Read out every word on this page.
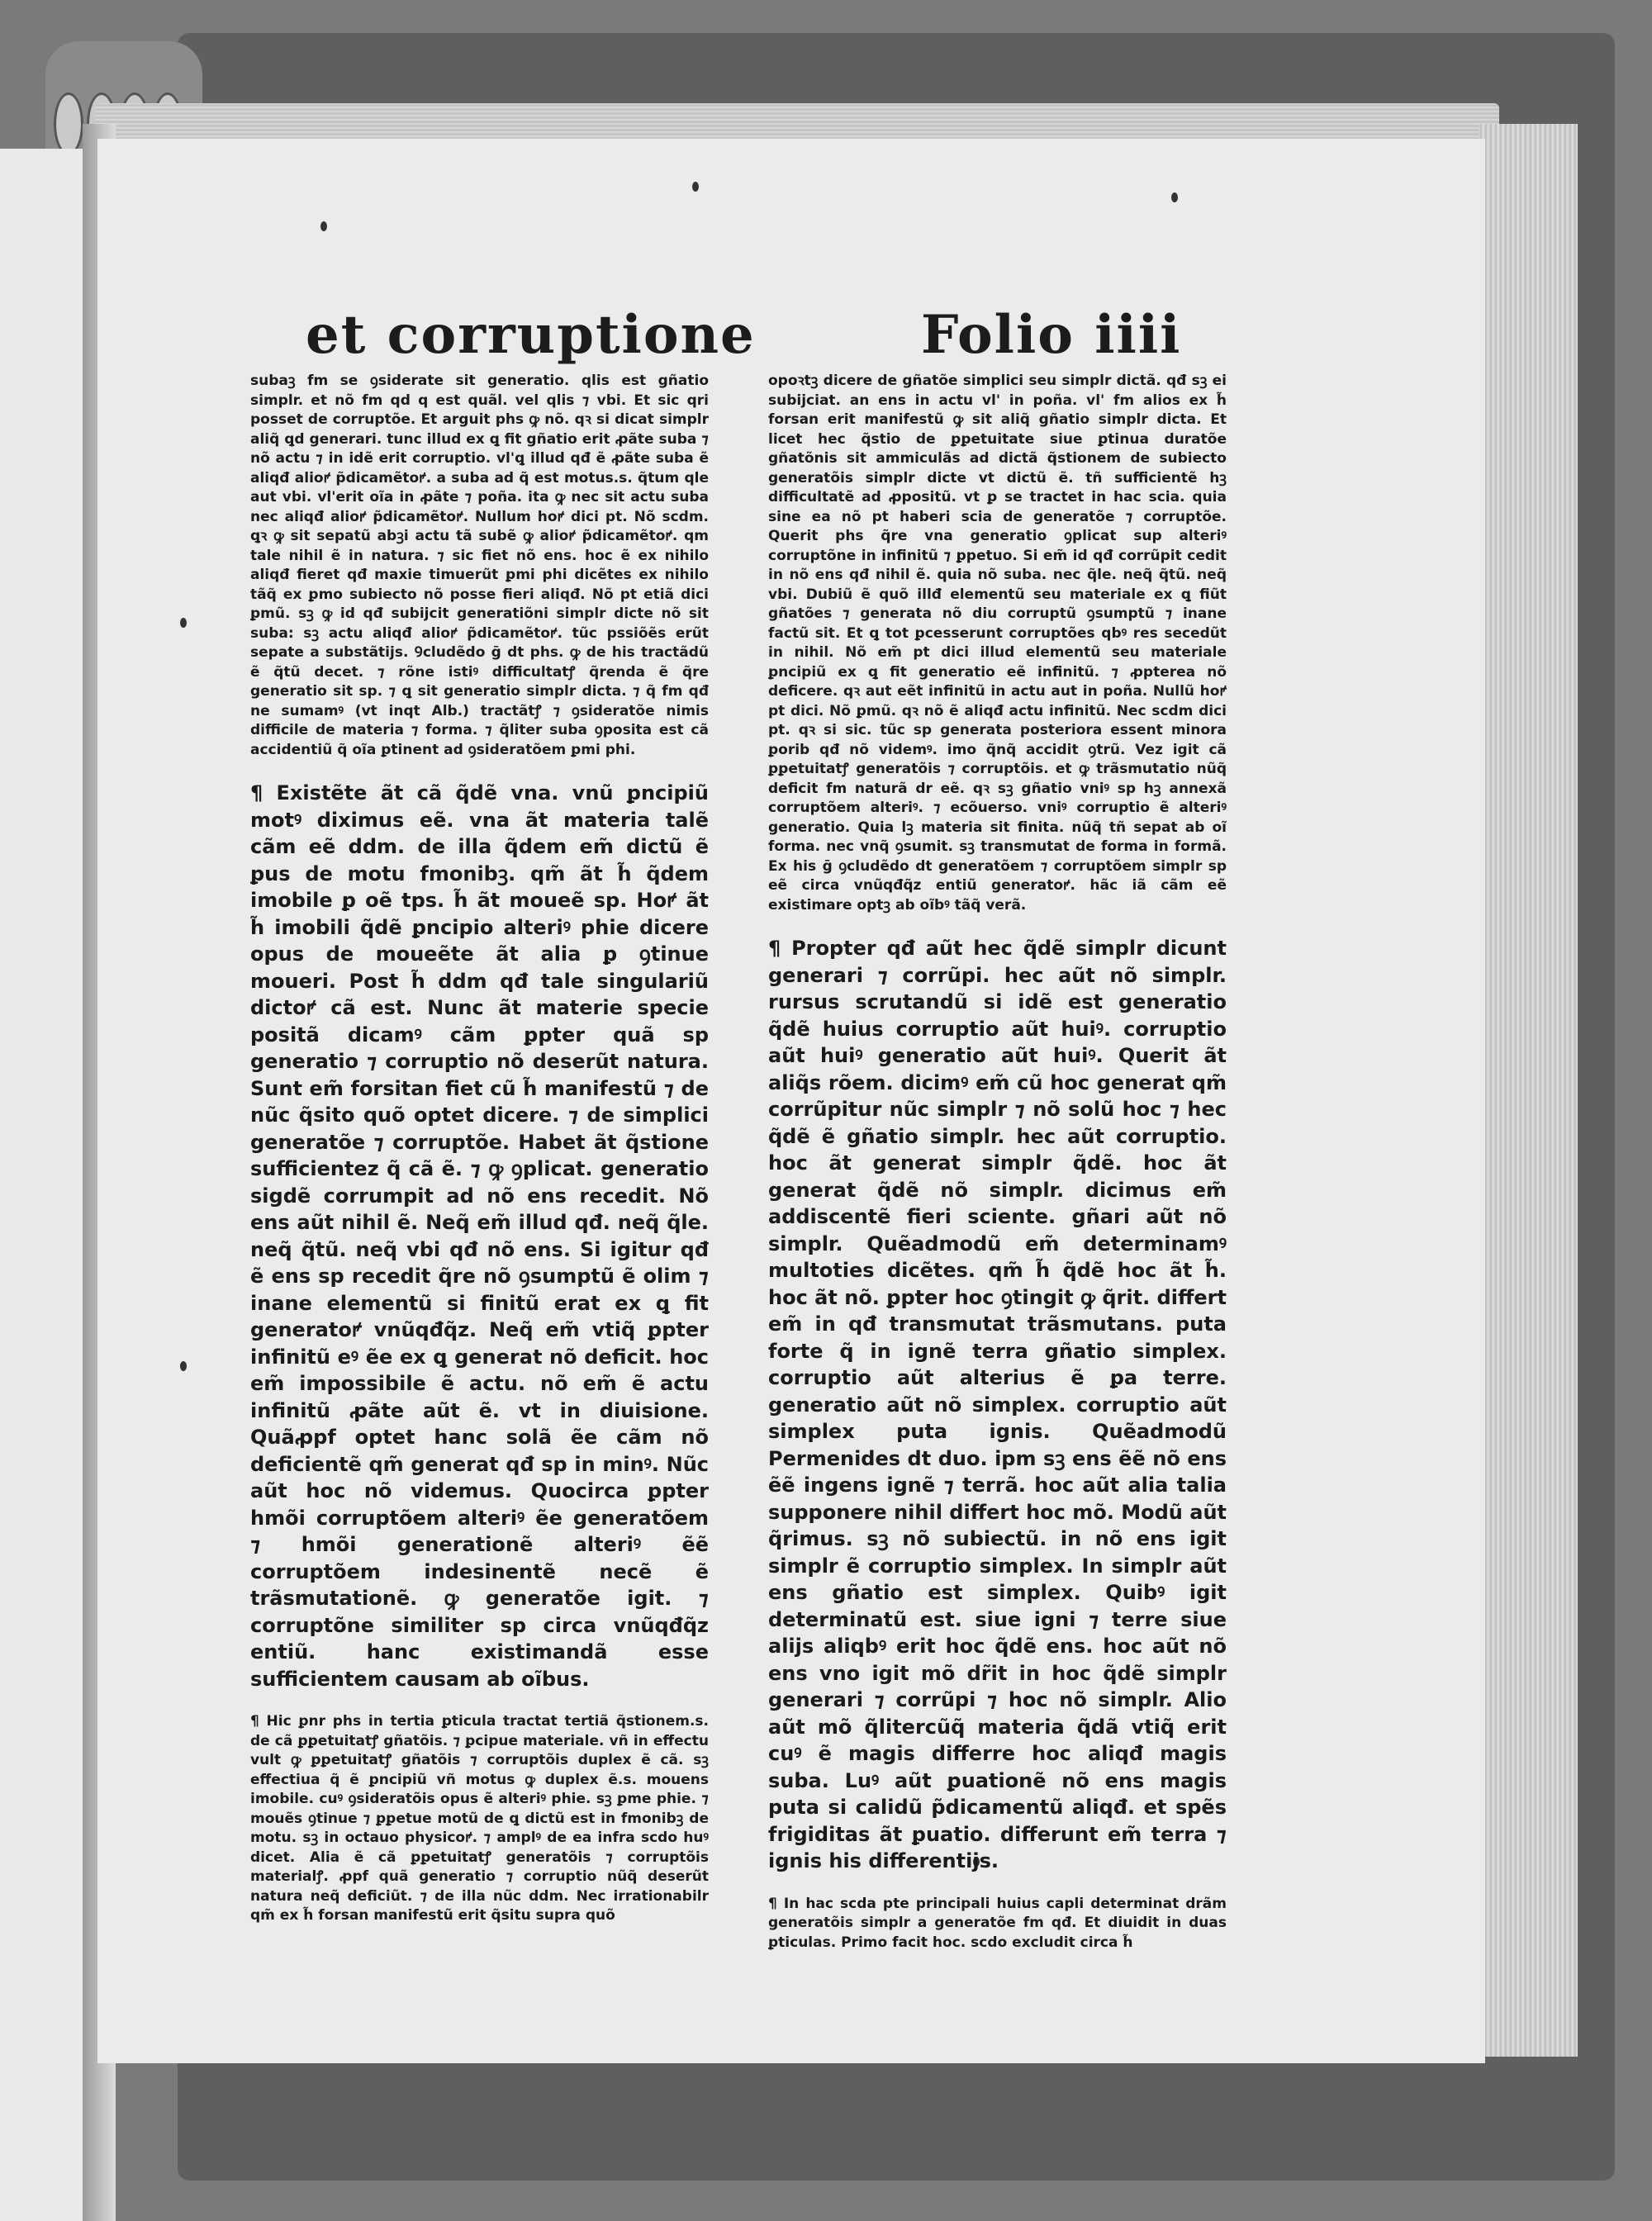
et corruptione	Folio iiii

subaꝫ fm se ꝯsiderate sit generatio. qlis est gñatio simplr. et nõ fm qd q est quãl. vel qlis ⁊ vbi. Et sic qri posset de corruptõe. Et arguit phs ꝙ nõ. qꝛ si dicat simplr aliq̃ ꝗd generari. tunc illud ex ꝗ fit gñatio erit ꝓãte suba ⁊ nõ actu ⁊ in idẽ erit corruptio. vl'ꝗ illud qđ ẽ ꝓãte suba ẽ aliqđ alioꝵ p̃dicamẽtoꝵ. a suba ad q̃ est motus.s. q̃tum qle aut vbi. vl'erit oĩa in ꝓãte ⁊ poña. ita ꝙ nec sit actu suba nec aliqđ alioꝵ p̃dicamẽtoꝵ. Nullum hoꝵ dici pt. Nõ scdm. ꝗꝛ ꝙ sit sepatũ abꝫi actu tã subẽ ꝙ alioꝵ p̃dicamẽtoꝵ. qm tale nihil ẽ in natura. ⁊ sic fiet nõ ens. hoc ẽ ex nihilo aliqđ fieret qđ maxie timuerũt ꝑmi phi dicẽtes ex nihilo tãq̃ ex ꝑmo subiecto nõ posse fieri aliqđ. Nõ pt etiã dici ꝑmũ. sꝫ ꝙ id qđ subijcit generatiõni simplr dicte nõ sit suba: sꝫ actu aliqđ alioꝵ p̃dicamẽtoꝵ. tũc pssiõẽs erũt sepate a substãtijs. Ꝯcludẽdo ḡ dt phs. ꝙ de his tractãdũ ẽ q̃tũ decet. ⁊ rõne istiꝰ difficultatꝭ q̃renda ẽ q̃re generatio sit sp. ⁊ ꝗ sit generatio simplr dicta. ⁊ q̃ fm qđ ne sumamꝰ (vt inqt Alb.) tractãtꝭ ⁊ ꝯsideratõe nimis difficile de materia ⁊ forma. ⁊ q̃liter suba ꝯposita est cã accidentiũ q̃ oĩa ꝑtinent ad ꝯsideratõem ꝑmi phi.

¶ Existẽte ãt cã q̃dẽ vna. vnũ ꝑncipiũ motꝰ diximus eẽ. vna ãt materia talẽ cãm eẽ ddm. de illa q̃dem em̃ dictũ ẽ ꝑus de motu fmonibꝫ. qm̃ ãt h̃ q̃dem imobile ꝑ oẽ tps. h̃ ãt moueẽ sp. Hoꝵ ãt h̃ imobili q̃dẽ ꝑncipio alteriꝰ phie dicere opus de moueẽte ãt alia ꝑ ꝯtinue moueri. Post h̃ ddm qđ tale singulariũ dictoꝵ cã est. Nunc ãt materie specie positã dicamꝰ cãm ꝑpter quã sp generatio ⁊ corruptio nõ deserũt natura. Sunt em̃ forsitan fiet cũ h̃ manifestũ ⁊ de nũc q̃sito quõ optet dicere. ⁊ de simplici generatõe ⁊ corruptõe. Habet ãt q̃stione sufficientez q̃ cã ẽ. ⁊ ꝙ ꝯplicat. generatio sigdẽ corrumpit ad nõ ens recedit. Nõ ens aũt nihil ẽ. Neq̃ em̃ illud qđ. neq̃ q̃le. neq̃ q̃tũ. neq̃ vbi qđ nõ ens. Si igitur qđ ẽ ens sp recedit q̃re nõ ꝯsumptũ ẽ olim ⁊ inane elementũ si finitũ erat ex ꝗ fit generatoꝵ vnũqđq̃z. Neq̃ em̃ vtiq̃ ꝑpter infinitũ eꝰ ẽe ex ꝗ generat nõ deficit. hoc em̃ impossibile ẽ actu. nõ em̃ ẽ actu infinitũ ꝓãte aũt ẽ. vt in diuisione. Quãꝓpf optet hanc solã ẽe cãm nõ deficientẽ qm̃ generat qđ sp in minꝰ. Nũc aũt hoc nõ videmus. Quocirca ꝑpter hmõi corruptõem alteriꝰ ẽe generatõem ⁊ hmõi generationẽ alteriꝰ ẽẽ corruptõem indesinentẽ necẽ ẽ trãsmutationẽ. ꝙ generatõe igit. ⁊ corruptõne similiter sp circa vnũqđq̃z entiũ. hanc existimandã esse sufficientem causam ab oĩbus.

¶ Hic ꝑnr phs in tertia ꝑticula tractat tertiã q̃stionem.s. de cã ꝑꝑetuitatꝭ gñatõis. ⁊ ꝑcipue materiale. vñ in effectu vult ꝙ ꝑꝑetuitatꝭ gñatõis ⁊ corruptõis duplex ẽ cã. sꝫ effectiua q̃ ẽ ꝑncipiũ vñ motus ꝙ duplex ẽ.s. mouens imobile. cuꝰ ꝯsideratõis opus ẽ alteriꝰ phie. sꝫ ꝑme phie. ⁊ mouẽs ꝯtinue ⁊ ꝑꝑetue motũ de ꝗ dictũ est in fmonibꝫ de motu. sꝫ in octauo physicoꝵ. ⁊ amplꝰ de ea infra scdo huꝰ dicet. Alia ẽ cã ꝑꝑetuitatꝭ generatõis ⁊ corruptõis materialꝭ. ꝓpf quã generatio ⁊ corruptio nũq̃ deserũt natura neq̃ deficiũt. ⁊ de illa nũc ddm. Nec irrationabilr qm̃ ex h̃ forsan manifestũ erit q̃situ supra quõ

opoꝛtꝫ dicere de gñatõe simplici seu simplr dictã. qđ sꝫ ei subijciat. an ens in actu vl' in poña. vl' fm alios ex h̃ forsan erit manifestũ ꝙ sit aliq̃ gñatio simplr dicta. Et licet hec q̃stio de ꝑꝑetuitate siue ꝑtinua duratõe gñatõnis sit ammiculãs ad dictã q̃stionem de subiecto generatõis simplr dicte vt dictũ ẽ. tñ sufficientẽ hꝫ difficultatẽ ad ꝓpositũ. vt ꝑ se tractet in hac scia. quia sine ea nõ pt haberi scia de generatõe ⁊ corruptõe. Querit phs q̃re vna generatio ꝯplicat sup alteriꝰ corruptõne in infinitũ ⁊ ꝑpetuo. Si em̃ id qđ corrũpit cedit in nõ ens qđ nihil ẽ. quia nõ suba. nec q̃le. neq̃ q̃tũ. neq̃ vbi. Dubiũ ẽ quõ illđ elementũ seu materiale ex ꝗ fiũt gñatões ⁊ generata nõ diu corruptũ ꝯsumptũ ⁊ inane factũ sit. Et ꝗ tot ꝑcesserunt corruptões qbꝰ res secedũt in nihil. Nõ em̃ pt dici illud elementũ seu materiale ꝑncipiũ ex ꝗ fit generatio eẽ infinitũ. ⁊ ꝓptereа nõ deficere. qꝛ aut eẽt infinitũ in actu aut in poña. Nullũ hoꝵ pt dici. Nõ ꝑmũ. qꝛ nõ ẽ aliqđ actu infinitũ. Nec scdm dici pt. qꝛ si sic. tũc sp generata posteriora essent minora ꝑorib qđ nõ videmꝰ. imo q̃nq̃ accidit ꝯtrũ. Vez igit cã ꝑꝑetuitatꝭ generatõis ⁊ corruptõis. et ꝙ trãsmutatio nũq̃ deficit fm naturã dr eẽ. qꝛ sꝫ gñatio vniꝰ sp hꝫ annexã corruptõem alteriꝰ. ⁊ ecõuerso. vniꝰ corruptio ẽ alteriꝰ generatio. Quia lꝫ materia sit finita. nũq̃ tñ sepat ab oĩ forma. nec vnq̃ ꝯsumit. sꝫ transmutat de forma in formã. Ex his ḡ ꝯcludẽdo dt generatõem ⁊ corruptõem simplr sp eẽ circa vnũqđq̃z entiũ generatoꝵ. hãc iã cãm eẽ existimare optꝫ ab oĩbꝰ tãq̃ verã.

¶ Propter qđ aũt hec q̃dẽ simplr dicunt generari ⁊ corrũpi. hec aũt nõ simplr. rursus scrutandũ si idẽ est generatio q̃dẽ huius corruptio aũt huiꝰ. corruptio aũt huiꝰ generatio aũt huiꝰ. Querit ãt aliq̃s rõem. dicimꝰ em̃ cũ hoc generat qm̃ corrũpitur nũc simplr ⁊ nõ solũ hoc ⁊ hec q̃dẽ ẽ gñatio simplr. hec aũt corruptio. hoc ãt generat simplr q̃dẽ. hoc ãt generat q̃dẽ nõ simplr. dicimus em̃ addiscentẽ fieri sciente. gñari aũt nõ simplr. Quẽadmodũ em̃ determinamꝰ multoties dicẽtes. qm̃ h̃ q̃dẽ hoc ãt h̃. hoc ãt nõ. ꝑpter hoc ꝯtingit ꝙ q̃rit. differt em̃ in qđ transmutat trãsmutans. puta forte q̃ in ignẽ terra gñatio simplex. corruptio aũt alterius ẽ ꝑa terre. generatio aũt nõ simplex. corruptio aũt simplex puta ignis. Quẽadmodũ Permenides dt duo. ipm sꝫ ens ẽẽ nõ ens ẽẽ ingens ignẽ ⁊ terrã. hoc aũt alia talia supponere nihil differt hoc mõ. Modũ aũt q̃rimus. sꝫ nõ subiectũ. in nõ ens igit simplr ẽ corruptio simplex. In simplr aũt ens gñatio est simplex. Quibꝰ igit determinatũ est. siue igni ⁊ terre siue alijs aliqbꝰ erit hoc q̃dẽ ens. hoc aũt nõ ens vno igit mõ dr̃it in hoc q̃dẽ simplr generari ⁊ corrũpi ⁊ hoc nõ simplr. Alio aũt mõ q̃litercũq̃ materia q̃dã vtiq̃ erit cuꝰ ẽ magis differre hoc aliqđ magis suba. Luꝰ aũt ꝑuationẽ nõ ens magis puta si calidũ p̃dicamentũ aliqđ. et spẽs frigiditas ãt ꝑuatio. differunt em̃ terra ⁊ ignis his differentijs.

¶ In hac scda pte principali huius capli determinat drãm generatõis simplr a generatõe fm qđ. Et diuidit in duas ꝑticulas. Primo facit hoc. scdo excludit circa h̃
